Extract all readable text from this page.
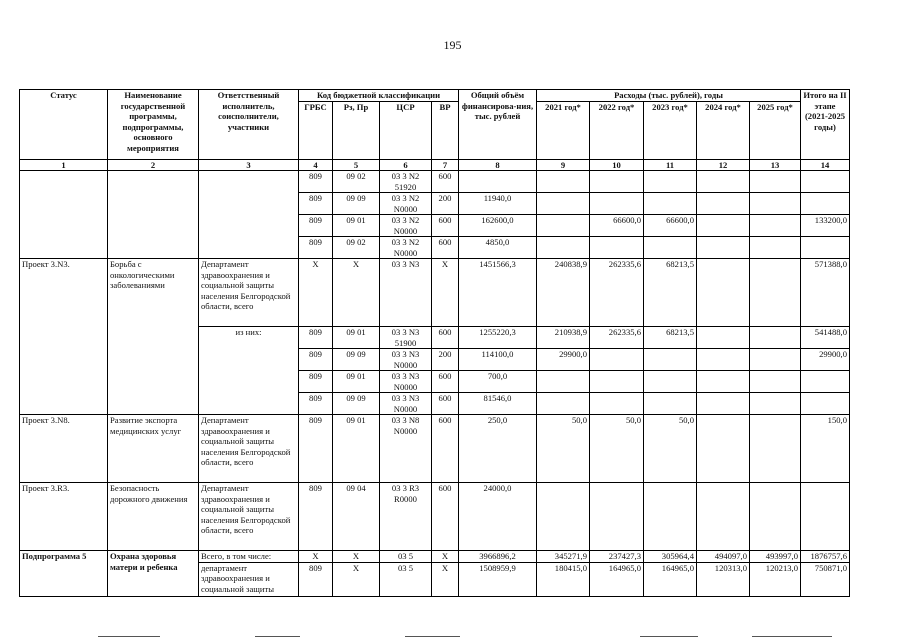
195
Статус	Наименование государственной программы, подпрограммы, основного мероприятия	Ответственный исполнитель, соисполнители, участники	Код бюджетной классификации				Общий объём финансирова-ния, тыс. рублей	Расходы (тыс. рублей), годы					Итого на II этапе (2021-2025 годы)
			ГРБС	Рз, Пр	ЦСР	ВР		2021 год*	2022 год*	2023 год*	2024 год*	2025 год*	
1	2	3	4	5	6	7	8	9	10	11	12	13	14
			809	09 02	03 3 N2 51920	600							
			809	09 09	03 3 N2 N0000	200	11940,0						
			809	09 01	03 3 N2 N0000	600	162600,0		66600,0	66600,0			133200,0
			809	09 02	03 3 N2 N0000	600	4850,0						
Проект 3.N3.	Борьба с онкологическими заболеваниями	Департамент здравоохранения и социальной защиты населения Белгородской области, всего	X	X	03 3 N3	X	1451566,3	240838,9	262335,6	68213,5			571388,0
		из них:	809	09 01	03 3 N3 51900	600	1255220,3	210938,9	262335,6	68213,5			541488,0
			809	09 09	03 3 N3 N0000	200	114100,0	29900,0					29900,0
			809	09 01	03 3 N3 N0000	600	700,0						
			809	09 09	03 3 N3 N0000	600	81546,0						
Проект 3.N8.	Развитие экспорта медицинских услуг	Департамент здравоохранения и социальной защиты населения Белгородской области, всего	809	09 01	03 3 N8 N0000	600	250,0	50,0	50,0	50,0			150,0
Проект 3.R3.	Безопасность дорожного движения	Департамент здравоохранения и социальной защиты населения Белгородской области, всего	809	09 04	03 3 R3 R0000	600	24000,0						
Подпрограмма 5	Охрана здоровья матери и ребенка	Всего, в том числе:	X	X	03 5	X	3966896,2	345271,9	237427,3	305964,4	494097,0	493997,0	1876757,6
		департамент здравоохранения и социальной защиты	809	X	03 5	X	1508959,9	180415,0	164965,0	164965,0	120313,0	120213,0	750871,0
